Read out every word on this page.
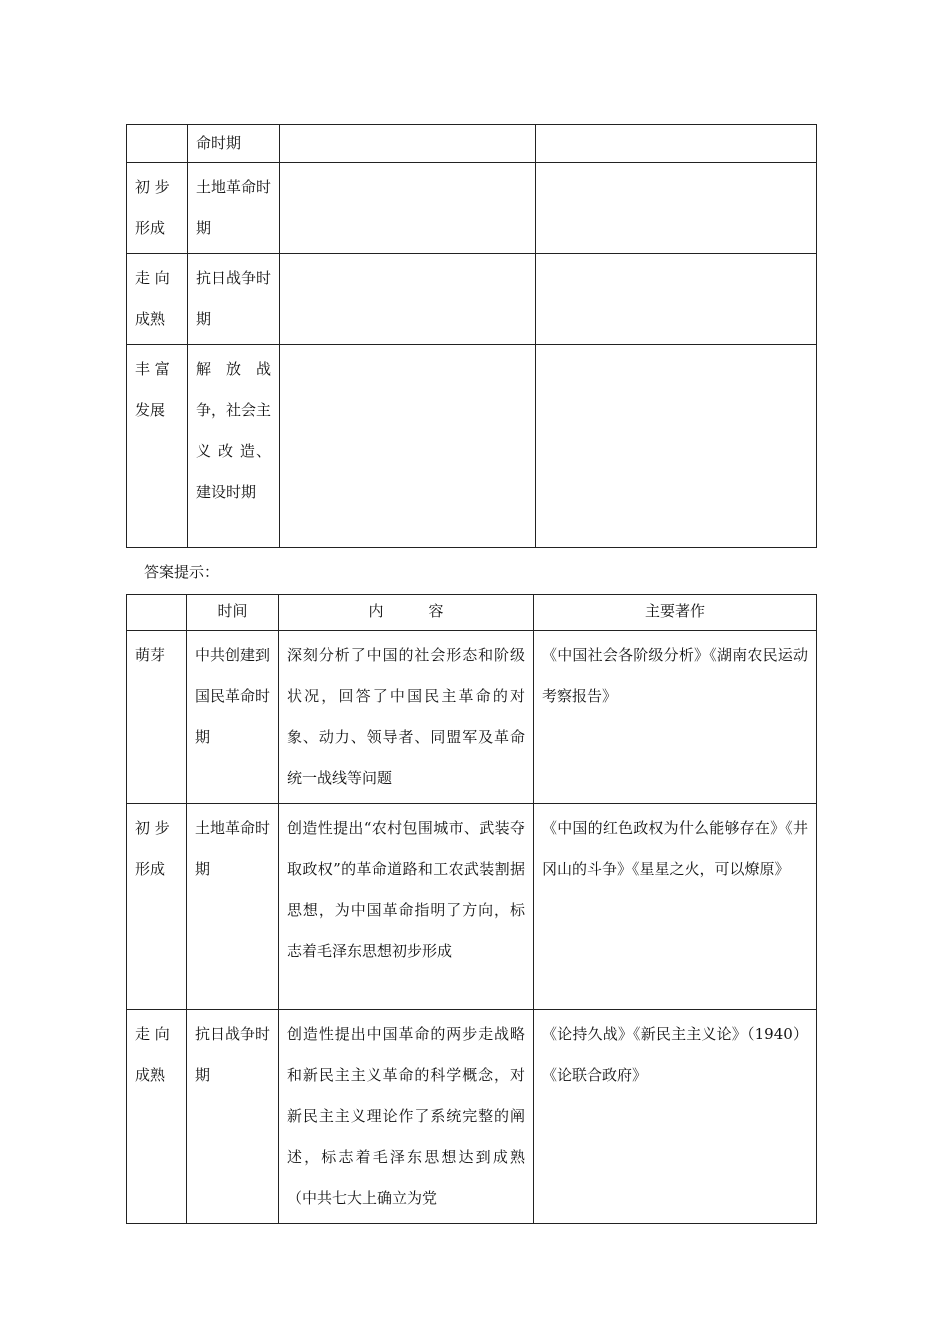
	命时期		
初 步 形成	土地革命时期		
走 向 成熟	抗日战争时期		
丰 富 发展	解 放 战 争，社会主 义 改 造、建设时期		
答案提示：
	时间	内　　　容	主要著作
萌芽	中共创建到国民革命时期	深刻分析了中国的社会形态和阶级状况，回答了中国民主革命的对象、动力、领导者、同盟军及革命统一战线等问题	《中国社会各阶级分析》《湖南农民运动考察报告》
初 步 形成	土地革命时期	创造性提出“农村包围城市、武装夺取政权”的革命道路和工农武装割据思想，为中国革命指明了方向，标志着毛泽东思想初步形成	《中国的红色政权为什么能够存在》《井冈山的斗争》《星星之火，可以燎原》
走 向 成熟	抗日战争时期	创造性提出中国革命的两步走战略和新民主主义革命的科学概念，对新民主主义理论作了系统完整的阐述，标志着毛泽东思想达到成熟（中共七大上确立为党	《论持久战》《新民主主义论》（1940）《论联合政府》
